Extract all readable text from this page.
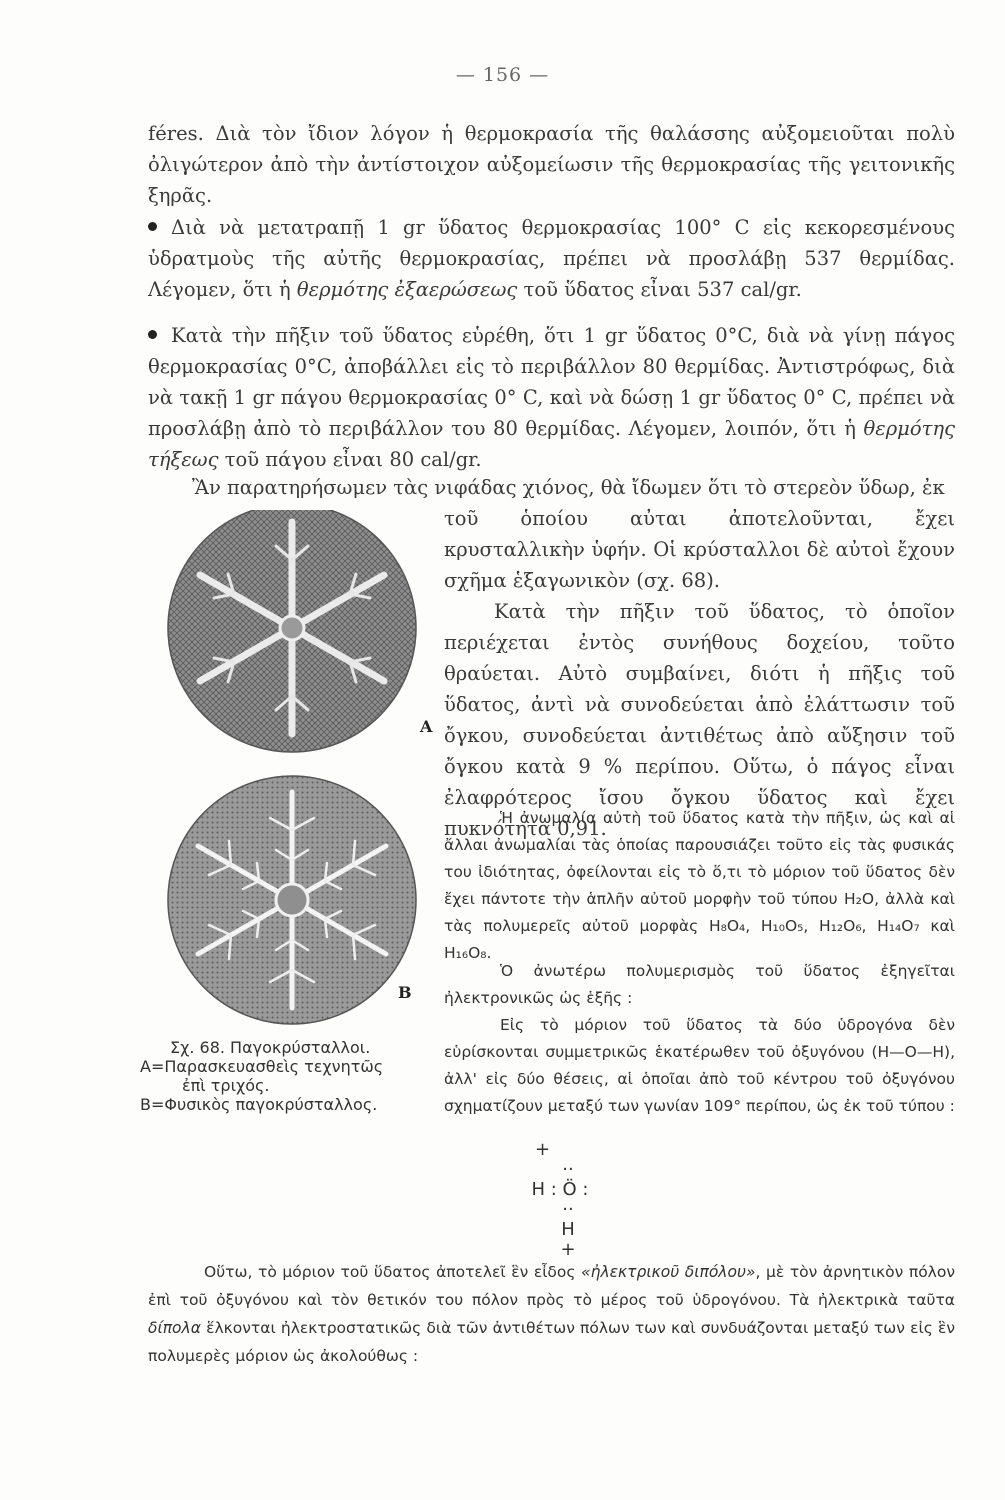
— 156 —

féres. Διὰ τὸν ἴδιον λόγον ἡ θερμοκρασία τῆς θαλάσσης αὐξομειοῦται πολὺ ὀλιγώτερον ἀπὸ τὴν ἀντίστοιχον αὐξομείωσιν τῆς θερμοκρασίας τῆς γειτονικῆς ξηρᾶς.

Διὰ νὰ μετατραπῇ 1 gr ὕδατος θερμοκρασίας 100° C εἰς κεκορεσμένους ὑδρατμοὺς τῆς αὐτῆς θερμοκρασίας, πρέπει νὰ προσλάβῃ 537 θερμίδας. Λέγομεν, ὅτι ἡ θερμότης ἐξαερώσεως τοῦ ὕδατος εἶναι 537 cal/gr.

Κατὰ τὴν πῆξιν τοῦ ὕδατος εὑρέθη, ὅτι 1 gr ὕδατος 0°C, διὰ νὰ γίνῃ πάγος θερμοκρασίας 0°C, ἀποβάλλει εἰς τὸ περιβάλλον 80 θερμίδας. Ἀντιστρόφως, διὰ νὰ τακῇ 1 gr πάγου θερμοκρασίας 0° C, καὶ νὰ δώσῃ 1 gr ὕδατος 0° C, πρέπει νὰ προσλάβῃ ἀπὸ τὸ περιβάλλον του 80 θερμίδας. Λέγομεν, λοιπόν, ὅτι ἡ θερμότης τήξεως τοῦ πάγου εἶναι 80 cal/gr.

Ἂν παρατηρήσωμεν τὰς νιφάδας χιόνος, θὰ ἴδωμεν ὅτι τὸ στερεὸν ὕδωρ, ἐκ

τοῦ ὁποίου αὐται ἀποτελοῦνται, ἔχει κρυσταλλικὴν ὑφήν. Οἱ κρύσταλλοι δὲ αὐτοὶ ἔχουν σχῆμα ἑξαγωνικὸν (σχ. 68).

Κατὰ τὴν πῆξιν τοῦ ὕδατος, τὸ ὁποῖον περιέχεται ἐντὸς συνήθους δοχείου, τοῦτο θραύεται. Αὐτὸ συμβαίνει, διότι ἡ πῆξις τοῦ ὕδατος, ἀντὶ νὰ συνοδεύεται ἀπὸ ἐλάττωσιν τοῦ ὄγκου, συνοδεύεται ἀντιθέτως ἀπὸ αὔξησιν τοῦ ὄγκου κατὰ 9 % περίπου. Οὕτω, ὁ πάγος εἶναι ἐλαφρότερος ἴσου ὄγκου ὕδατος καὶ ἔχει πυκνότητα 0,91.

A
B
Σχ. 68. Παγοκρύσταλλοι.
Α=Παρασκευασθεὶς τεχνητῶς
ἐπὶ τριχός.
Β=Φυσικὸς παγοκρύσταλλος.

Ἡ ἀνωμαλία αὐτὴ τοῦ ὕδατος κατὰ τὴν πῆξιν, ὡς καὶ αἱ ἄλλαι ἀνωμαλίαι τὰς ὁποίας παρουσιάζει τοῦτο εἰς τὰς φυσικάς του ἰδιότητας, ὀφείλονται εἰς τὸ ὅ,τι τὸ μόριον τοῦ ὕδατος δὲν ἔχει πάντοτε τὴν ἁπλῆν αὐτοῦ μορφὴν τοῦ τύπου H₂O, ἀλλὰ καὶ τὰς πολυμερεῖς αὐτοῦ μορφὰς H₈O₄, H₁₀O₅, H₁₂O₆, H₁₄O₇ καὶ H₁₆O₈.

Ὁ ἀνωτέρω πολυμερισμὸς τοῦ ὕδατος ἐξηγεῖται ἠλεκτρονικῶς ὡς ἑξῆς :

Εἰς τὸ μόριον τοῦ ὕδατος τὰ δύο ὑδρογόνα δὲν εὑρίσκονται συμμετρικῶς ἑκατέρωθεν τοῦ ὀξυγόνου (H—O—H), ἀλλ' εἰς δύο θέσεις, αἱ ὁποῖαι ἀπὸ τοῦ κέντρου τοῦ ὀξυγόνου σχηματίζουν μεταξύ των γωνίαν 109° περίπου, ὡς ἐκ τοῦ τύπου :

+
··
H : Ö :
··
H
+

Οὕτω, τὸ μόριον τοῦ ὕδατος ἀποτελεῖ ἓν εἶδος «ἠλεκτρικοῦ διπόλου», μὲ τὸν ἀρνητικὸν πόλον ἐπὶ τοῦ ὀξυγόνου καὶ τὸν θετικόν του πόλον πρὸς τὸ μέρος τοῦ ὑδρογόνου. Τὰ ἠλεκτρικὰ ταῦτα δίπολα ἕλκονται ἠλεκτροστατικῶς διὰ τῶν ἀντιθέτων πόλων των καὶ συνδυάζονται μεταξύ των εἰς ἓν πολυμερὲς μόριον ὡς ἀκολούθως :
